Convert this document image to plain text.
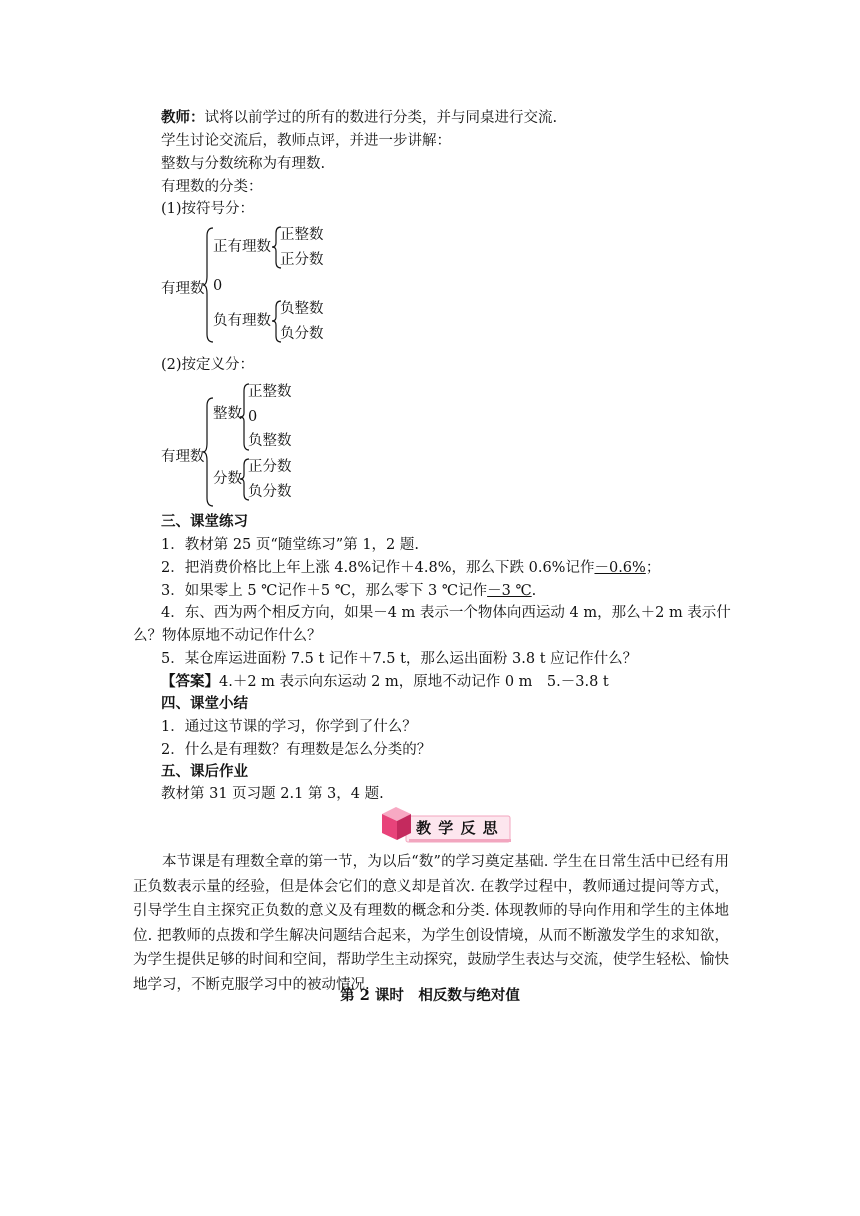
教师：试将以前学过的所有的数进行分类，并与同桌进行交流.
学生讨论交流后，教师点评，并进一步讲解：
整数与分数统称为有理数.
有理数的分类：
(1)按符号分：
有理数
正有理数
0
负有理数
正整数
正分数
负整数
负分数
(2)按定义分：
有理数
整数
正整数
0
负整数
分数
正分数
负分数
三、课堂练习
1．教材第 25 页“随堂练习”第 1，2 题.
2．把消费价格比上年上涨 4.8%记作＋4.8%，那么下跌 0.6%记作－0.6%；
3．如果零上 5 ℃记作＋5 ℃，那么零下 3 ℃记作－3 ℃.
4．东、西为两个相反方向，如果－4 m 表示一个物体向西运动 4 m，那么＋2 m 表示什
么？物体原地不动记作什么？
5．某仓库运进面粉 7.5 t 记作＋7.5 t，那么运出面粉 3.8 t 应记作什么？
【答案】4.＋2 m 表示向东运动 2 m，原地不动记作 0 m　5.－3.8 t
四、课堂小结
1．通过这节课的学习，你学到了什么？
2．什么是有理数？有理数是怎么分类的？
五、课后作业
教材第 31 页习题 2.1 第 3，4 题.
教 学 反 思
本节课是有理数全章的第一节，为以后“数”的学习奠定基础. 学生在日常生活中已经有用正负数表示量的经验，但是体会它们的意义却是首次. 在教学过程中，教师通过提问等方式，引导学生自主探究正负数的意义及有理数的概念和分类. 体现教师的导向作用和学生的主体地位. 把教师的点拨和学生解决问题结合起来，为学生创设情境，从而不断激发学生的求知欲，为学生提供足够的时间和空间，帮助学生主动探究，鼓励学生表达与交流，使学生轻松、愉快地学习，不断克服学习中的被动情况.
第 2 课时　相反数与绝对值
